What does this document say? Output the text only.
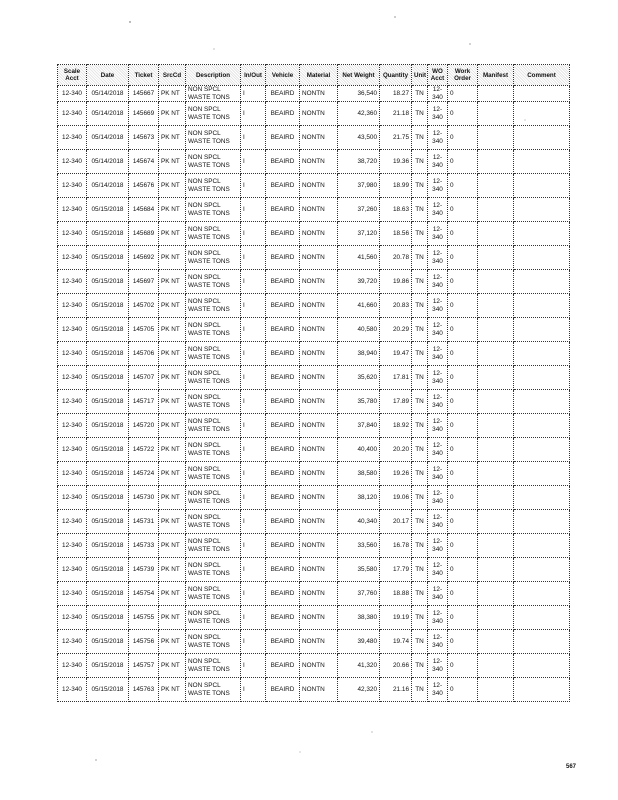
Scale Acct	Date	Ticket	SrcCd	Description	In/Out	Vehicle	Material	Net Weight	Quantity	Unit	WO Acct	Work Order	Manifest	Comment
12-340	05/14/2018	145667	PK NT	NON SPCL WASTE TONS	I	BEAIRD	NONTN	36,540	18.27	TN	12-340	0		
12-340	05/14/2018	145669	PK NT	NON SPCL WASTE TONS	I	BEAIRD	NONTN	42,360	21.18	TN	12-340	0		
12-340	05/14/2018	145673	PK NT	NON SPCL WASTE TONS	I	BEAIRD	NONTN	43,500	21.75	TN	12-340	0		
12-340	05/14/2018	145674	PK NT	NON SPCL WASTE TONS	I	BEAIRD	NONTN	38,720	19.36	TN	12-340	0		
12-340	05/14/2018	145676	PK NT	NON SPCL WASTE TONS	I	BEAIRD	NONTN	37,980	18.99	TN	12-340	0		
12-340	05/15/2018	145684	PK NT	NON SPCL WASTE TONS	I	BEAIRD	NONTN	37,260	18.63	TN	12-340	0		
12-340	05/15/2018	145689	PK NT	NON SPCL WASTE TONS	I	BEAIRD	NONTN	37,120	18.56	TN	12-340	0		
12-340	05/15/2018	145692	PK NT	NON SPCL WASTE TONS	I	BEAIRD	NONTN	41,560	20.78	TN	12-340	0		
12-340	05/15/2018	145697	PK NT	NON SPCL WASTE TONS	I	BEAIRD	NONTN	39,720	19.86	TN	12-340	0		
12-340	05/15/2018	145702	PK NT	NON SPCL WASTE TONS	I	BEAIRD	NONTN	41,660	20.83	TN	12-340	0		
12-340	05/15/2018	145705	PK NT	NON SPCL WASTE TONS	I	BEAIRD	NONTN	40,580	20.29	TN	12-340	0		
12-340	05/15/2018	145706	PK NT	NON SPCL WASTE TONS	I	BEAIRD	NONTN	38,940	19.47	TN	12-340	0		
12-340	05/15/2018	145707	PK NT	NON SPCL WASTE TONS	I	BEAIRD	NONTN	35,620	17.81	TN	12-340	0		
12-340	05/15/2018	145717	PK NT	NON SPCL WASTE TONS	I	BEAIRD	NONTN	35,780	17.89	TN	12-340	0		
12-340	05/15/2018	145720	PK NT	NON SPCL WASTE TONS	I	BEAIRD	NONTN	37,840	18.92	TN	12-340	0		
12-340	05/15/2018	145722	PK NT	NON SPCL WASTE TONS	I	BEAIRD	NONTN	40,400	20.20	TN	12-340	0		
12-340	05/15/2018	145724	PK NT	NON SPCL WASTE TONS	I	BEAIRD	NONTN	38,580	19.26	TN	12-340	0		
12-340	05/15/2018	145730	PK NT	NON SPCL WASTE TONS	I	BEAIRD	NONTN	38,120	19.06	TN	12-340	0		
12-340	05/15/2018	145731	PK NT	NON SPCL WASTE TONS	I	BEAIRD	NONTN	40,340	20.17	TN	12-340	0		
12-340	05/15/2018	145733	PK NT	NON SPCL WASTE TONS	I	BEAIRD	NONTN	33,560	16.78	TN	12-340	0		
12-340	05/15/2018	145739	PK NT	NON SPCL WASTE TONS	I	BEAIRD	NONTN	35,580	17.79	TN	12-340	0		
12-340	05/15/2018	145754	PK NT	NON SPCL WASTE TONS	I	BEAIRD	NONTN	37,760	18.88	TN	12-340	0		
12-340	05/15/2018	145755	PK NT	NON SPCL WASTE TONS	I	BEAIRD	NONTN	38,380	19.19	TN	12-340	0		
12-340	05/15/2018	145756	PK NT	NON SPCL WASTE TONS	I	BEAIRD	NONTN	39,480	19.74	TN	12-340	0		
12-340	05/15/2018	145757	PK NT	NON SPCL WASTE TONS	I	BEAIRD	NONTN	41,320	20.66	TN	12-340	0		
12-340	05/15/2018	145763	PK NT	NON SPCL WASTE TONS	I	BEAIRD	NONTN	42,320	21.16	TN	12-340	0		
567
